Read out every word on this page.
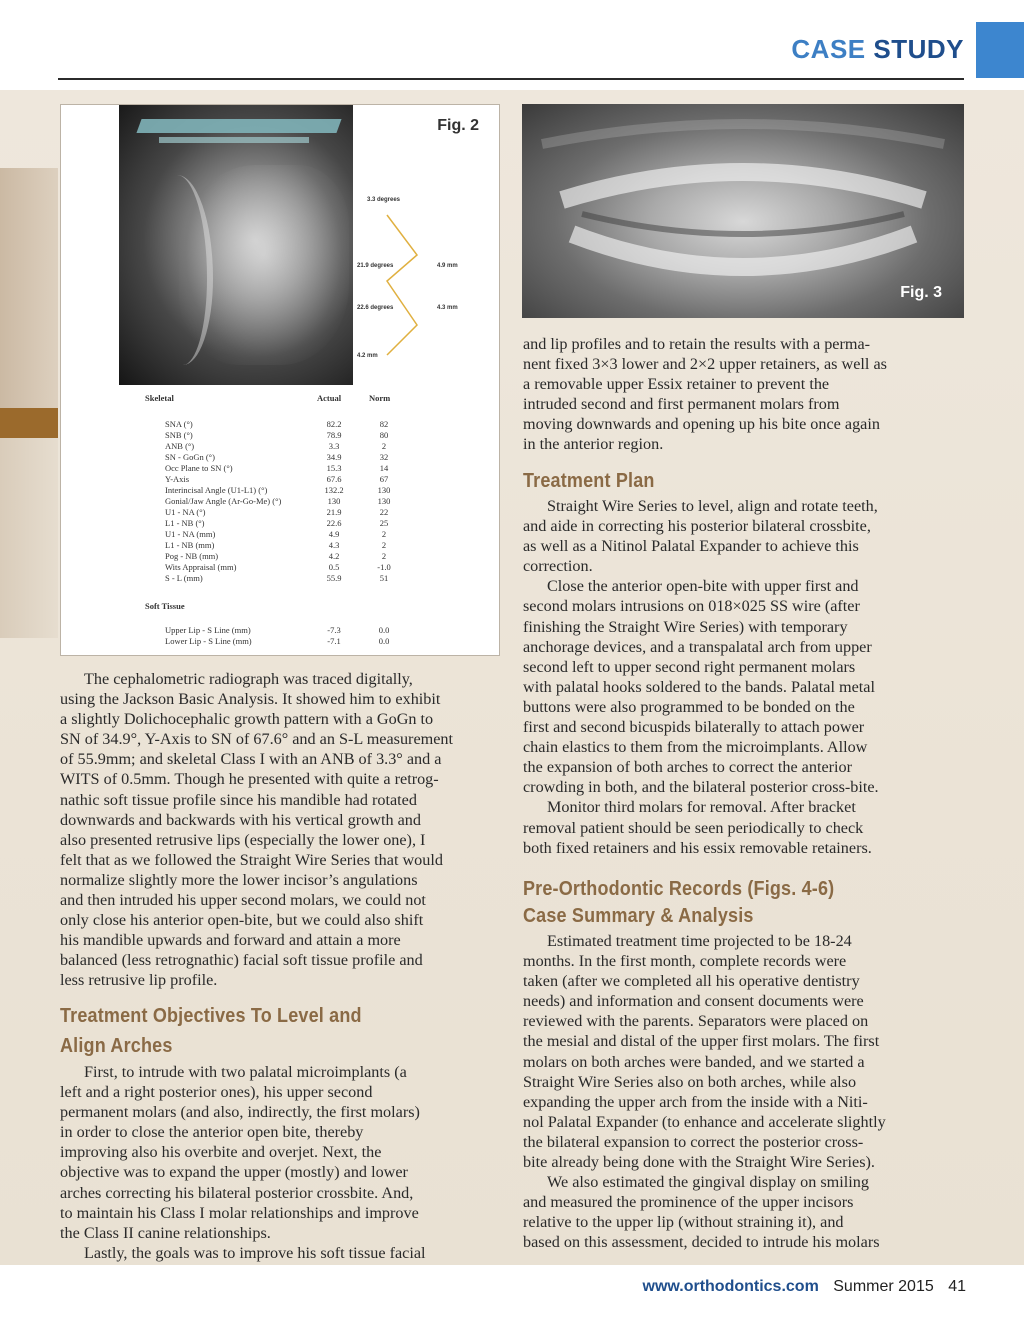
CASE STUDY
Fig. 2
3.3 degrees
21.9 degrees	4.9 mm
22.6 degrees	4.3 mm
4.2 mm
Skeletal	Actual	Norm
SNA (°)	82.2	82
SNB (°)	78.9	80
ANB (°)	3.3	2
SN - GoGn (°)	34.9	32
Occ Plane to SN (°)	15.3	14
Y-Axis	67.6	67
Interincisal Angle (U1-L1) (°)	132.2	130
Gonial/Jaw Angle (Ar-Go-Me) (°)	130	130
U1 - NA (°)	21.9	22
L1 - NB (°)	22.6	25
U1 - NA (mm)	4.9	2
L1 - NB (mm)	4.3	2
Pog - NB (mm)	4.2	2
Wits Appraisal (mm)	0.5	-1.0
S - L (mm)	55.9	51
Soft Tissue
Upper Lip - S Line (mm)	-7.3	0.0
Lower Lip - S Line (mm)	-7.1	0.0
Fig. 3
The cephalometric radiograph was traced digitally,
using the Jackson Basic Analysis. It showed him to exhibit
a slightly Dolichocephalic growth pattern with a GoGn to
SN of 34.9°, Y-Axis to SN of 67.6° and an S-L measurement
of 55.9mm; and skeletal Class I with an ANB of 3.3° and a
WITS of 0.5mm. Though he presented with quite a retrog-
nathic soft tissue profile since his mandible had rotated
downwards and backwards with his vertical growth and
also presented retrusive lips (especially the lower one), I
felt that as we followed the Straight Wire Series that would
normalize slightly more the lower incisor’s angulations
and then intruded his upper second molars, we could not
only close his anterior open-bite, but we could also shift
his mandible upwards and forward and attain a more
balanced (less retrognathic) facial soft tissue profile and
less retrusive lip profile.
Treatment Objectives To Level and
Align Arches
First, to intrude with two palatal microimplants (a
left and a right posterior ones), his upper second
permanent molars (and also, indirectly, the first molars)
in order to close the anterior open bite, thereby
improving also his overbite and overjet. Next, the
objective was to expand the upper (mostly) and lower
arches correcting his bilateral posterior crossbite. And,
to maintain his Class I molar relationships and improve
the Class II canine relationships.
Lastly, the goals was to improve his soft tissue facial
and lip profiles and to retain the results with a perma-
nent fixed 3×3 lower and 2×2 upper retainers, as well as
a removable upper Essix retainer to prevent the
intruded second and first permanent molars from
moving downwards and opening up his bite once again
in the anterior region.
Treatment Plan
Straight Wire Series to level, align and rotate teeth,
and aide in correcting his posterior bilateral crossbite,
as well as a Nitinol Palatal Expander to achieve this
correction.
Close the anterior open-bite with upper first and
second molars intrusions on 018×025 SS wire (after
finishing the Straight Wire Series) with temporary
anchorage devices, and a transpalatal arch from upper
second left to upper second right permanent molars
with palatal hooks soldered to the bands. Palatal metal
buttons were also programmed to be bonded on the
first and second bicuspids bilaterally to attach power
chain elastics to them from the microimplants. Allow
the expansion of both arches to correct the anterior
crowding in both, and the bilateral posterior cross-bite.
Monitor third molars for removal. After bracket
removal patient should be seen periodically to check
both fixed retainers and his essix removable retainers.
Pre-Orthodontic Records (Figs. 4-6)
Case Summary & Analysis
Estimated treatment time projected to be 18-24
months. In the first month, complete records were
taken (after we completed all his operative dentistry
needs) and information and consent documents were
reviewed with the parents. Separators were placed on
the mesial and distal of the upper first molars. The first
molars on both arches were banded, and we started a
Straight Wire Series also on both arches, while also
expanding the upper arch from the inside with a Niti-
nol Palatal Expander (to enhance and accelerate slightly
the bilateral expansion to correct the posterior cross-
bite already being done with the Straight Wire Series).
We also estimated the gingival display on smiling
and measured the prominence of the upper incisors
relative to the upper lip (without straining it), and
based on this assessment, decided to intrude his molars
www.orthodontics.com Summer 2015 41
